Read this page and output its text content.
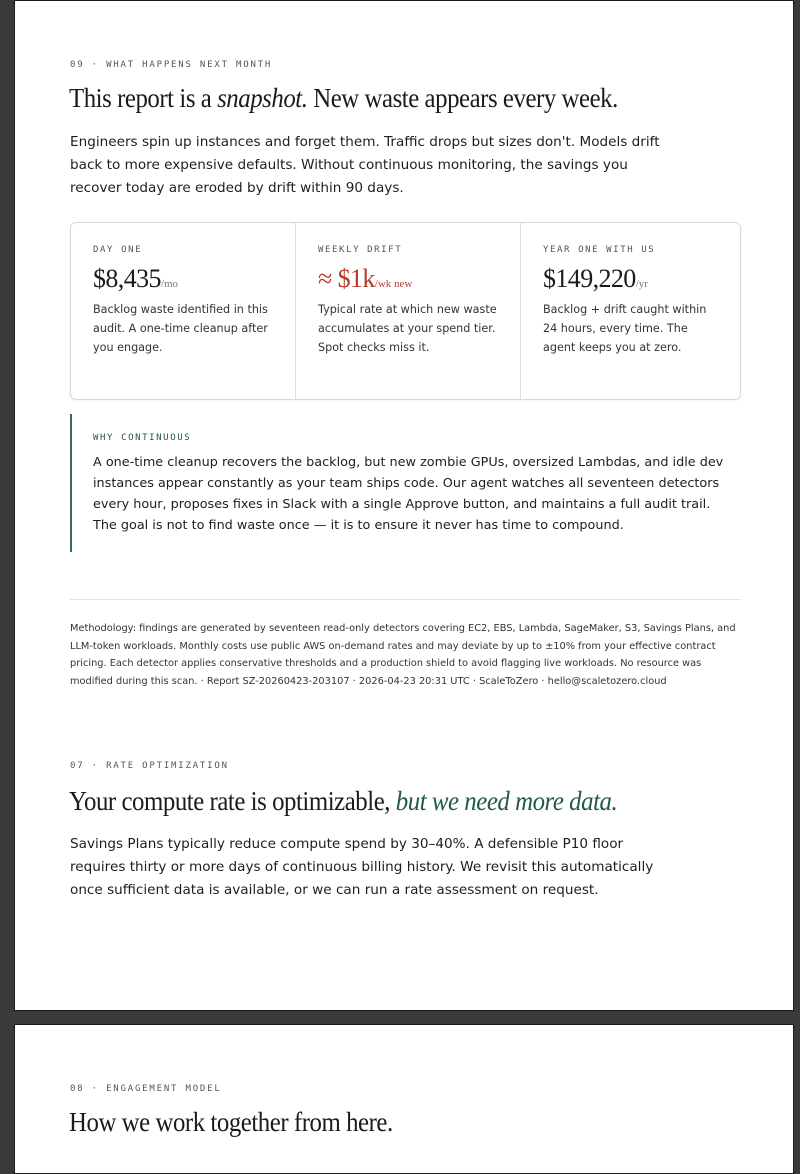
09 · WHAT HAPPENS NEXT MONTH
This report is a snapshot. New waste appears every week.
Engineers spin up instances and forget them. Traffic drops but sizes don't. Models drift
back to more expensive defaults. Without continuous monitoring, the savings you
recover today are eroded by drift within 90 days.
DAY ONE
$8,435/mo
Backlog waste identified in this audit. A one-time cleanup after you engage.
WEEKLY DRIFT
≈ $1k/wk new
Typical rate at which new waste accumulates at your spend tier. Spot checks miss it.
YEAR ONE WITH US
$149,220/yr
Backlog + drift caught within 24 hours, every time. The agent keeps you at zero.
WHY CONTINUOUS
A one-time cleanup recovers the backlog, but new zombie GPUs, oversized Lambdas, and idle dev instances appear constantly as your team ships code. Our agent watches all seventeen detectors every hour, proposes fixes in Slack with a single Approve button, and maintains a full audit trail. The goal is not to find waste once — it is to ensure it never has time to compound.
Methodology: findings are generated by seventeen read-only detectors covering EC2, EBS, Lambda, SageMaker, S3, Savings Plans, and LLM-token workloads. Monthly costs use public AWS on-demand rates and may deviate by up to ±10% from your effective contract pricing. Each detector applies conservative thresholds and a production shield to avoid flagging live workloads. No resource was modified during this scan. · Report SZ-20260423-203107 · 2026-04-23 20:31 UTC · ScaleToZero · hello@scaletozero.cloud
07 · RATE OPTIMIZATION
Your compute rate is optimizable, but we need more data.
Savings Plans typically reduce compute spend by 30–40%. A defensible P10 floor
requires thirty or more days of continuous billing history. We revisit this automatically
once sufficient data is available, or we can run a rate assessment on request.
08 · ENGAGEMENT MODEL
How we work together from here.
